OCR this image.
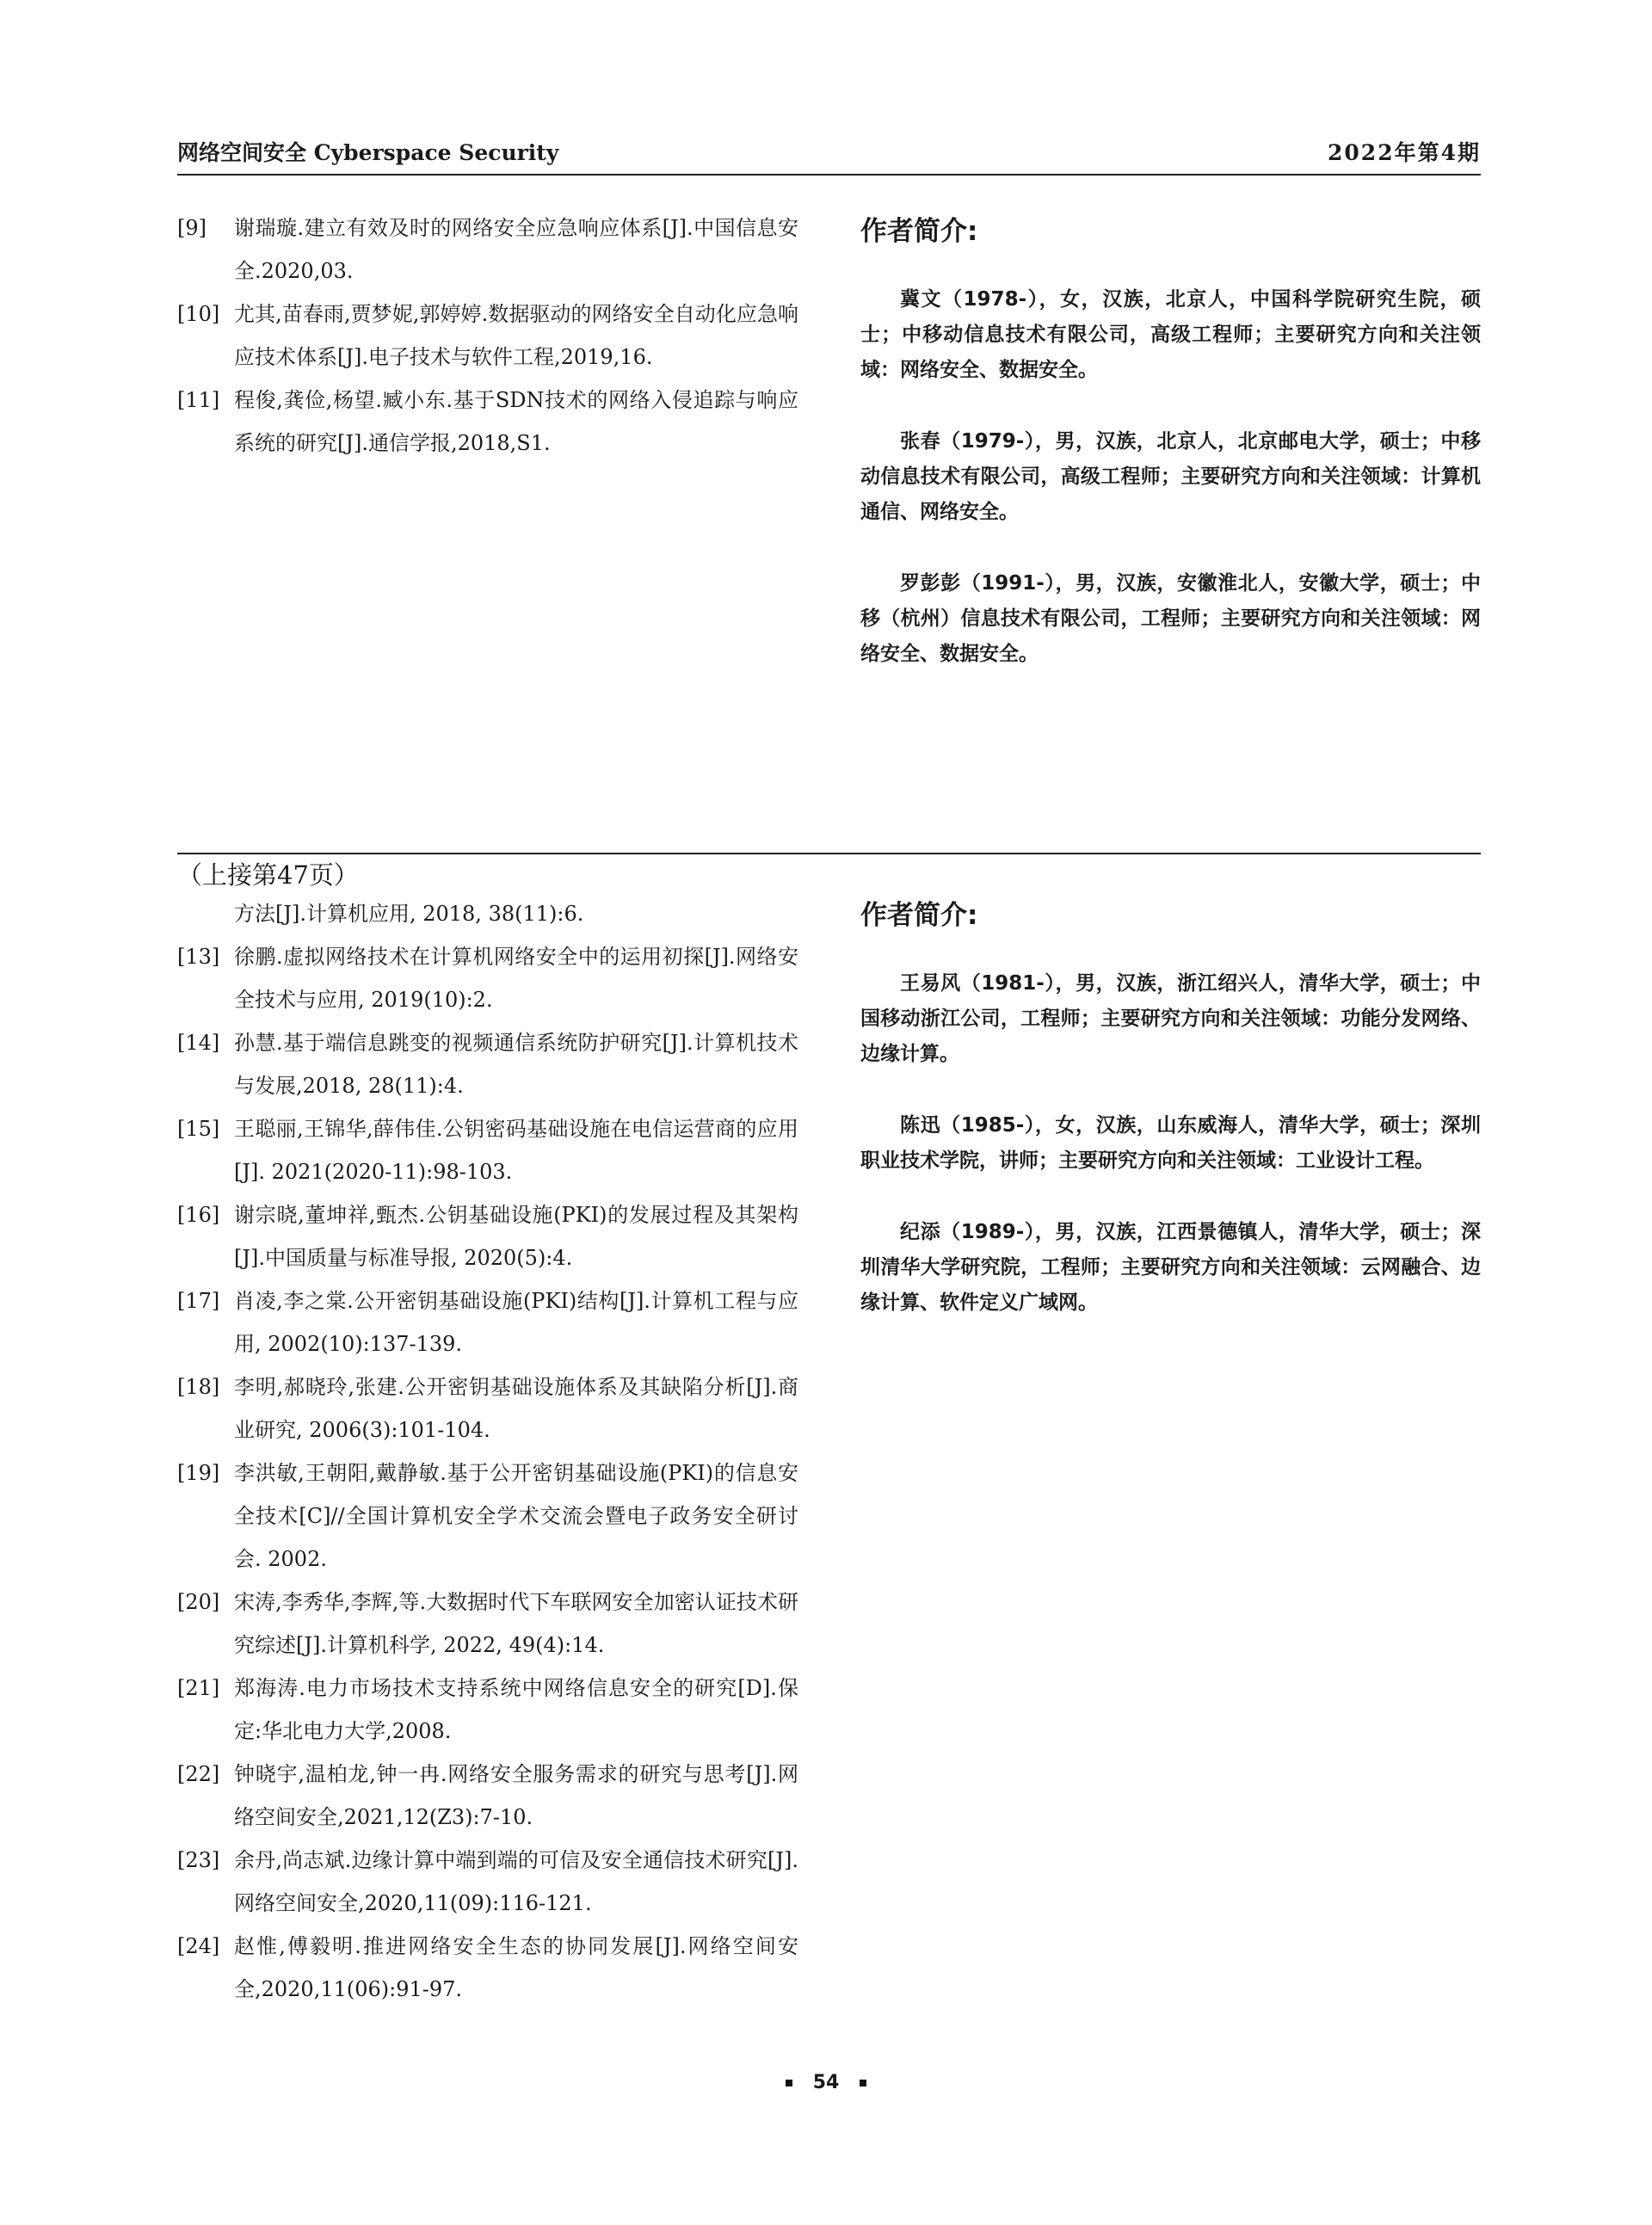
网络空间安全 Cyberspace Security	2022年第4期
[9]	谢瑞璇.建立有效及时的网络安全应急响应体系[J].中国信息安全.2020,03.
[10] 尤其,苗春雨,贾梦妮,郭婷婷.数据驱动的网络安全自动化应急响应技术体系[J].电子技术与软件工程,2019,16.
[11] 程俊,龚俭,杨望.臧小东.基于SDN技术的网络入侵追踪与响应系统的研究[J].通信学报,2018,S1.
作者简介:

冀文（1978-），女，汉族，北京人，中国科学院研究生院，硕士；中移动信息技术有限公司，高级工程师；主要研究方向和关注领域：网络安全、数据安全。

张春（1979-），男，汉族，北京人，北京邮电大学，硕士；中移动信息技术有限公司，高级工程师；主要研究方向和关注领域：计算机通信、网络安全。

罗彭彭（1991-），男，汉族，安徽淮北人，安徽大学，硕士；中移（杭州）信息技术有限公司，工程师；主要研究方向和关注领域：网络安全、数据安全。

（上接第47页）
方法[J].计算机应用, 2018, 38(11):6.
[13] 徐鹏.虚拟网络技术在计算机网络安全中的运用初探[J].网络安全技术与应用, 2019(10):2.
[14] 孙慧.基于端信息跳变的视频通信系统防护研究[J].计算机技术与发展,2018, 28(11):4.
[15] 王聪丽,王锦华,薛伟佳.公钥密码基础设施在电信运营商的应用[J]. 2021(2020-11):98-103.
[16] 谢宗晓,董坤祥,甄杰.公钥基础设施(PKI)的发展过程及其架构[J].中国质量与标准导报, 2020(5):4.
[17] 肖凌,李之棠.公开密钥基础设施(PKI)结构[J].计算机工程与应用, 2002(10):137-139.
[18] 李明,郝晓玲,张建.公开密钥基础设施体系及其缺陷分析[J].商业研究, 2006(3):101-104.
[19] 李洪敏,王朝阳,戴静敏.基于公开密钥基础设施(PKI)的信息安全技术[C]//全国计算机安全学术交流会暨电子政务安全研讨会. 2002.
[20] 宋涛,李秀华,李辉,等.大数据时代下车联网安全加密认证技术研究综述[J].计算机科学, 2022, 49(4):14.
[21] 郑海涛.电力市场技术支持系统中网络信息安全的研究[D].保定:华北电力大学,2008.
[22] 钟晓宇,温柏龙,钟一冉.网络安全服务需求的研究与思考[J].网络空间安全,2021,12(Z3):7-10.
[23] 余丹,尚志斌.边缘计算中端到端的可信及安全通信技术研究[J].网络空间安全,2020,11(09):116-121.
[24] 赵惟,傅毅明.推进网络安全生态的协同发展[J].网络空间安全,2020,11(06):91-97.
作者简介:

王易风（1981-），男，汉族，浙江绍兴人，清华大学，硕士；中国移动浙江公司，工程师；主要研究方向和关注领域：功能分发网络、边缘计算。

陈迅（1985-），女，汉族，山东威海人，清华大学，硕士；深圳职业技术学院，讲师；主要研究方向和关注领域：工业设计工程。

纪添（1989-），男，汉族，江西景德镇人，清华大学，硕士；深圳清华大学研究院，工程师；主要研究方向和关注领域：云网融合、边缘计算、软件定义广域网。

54
